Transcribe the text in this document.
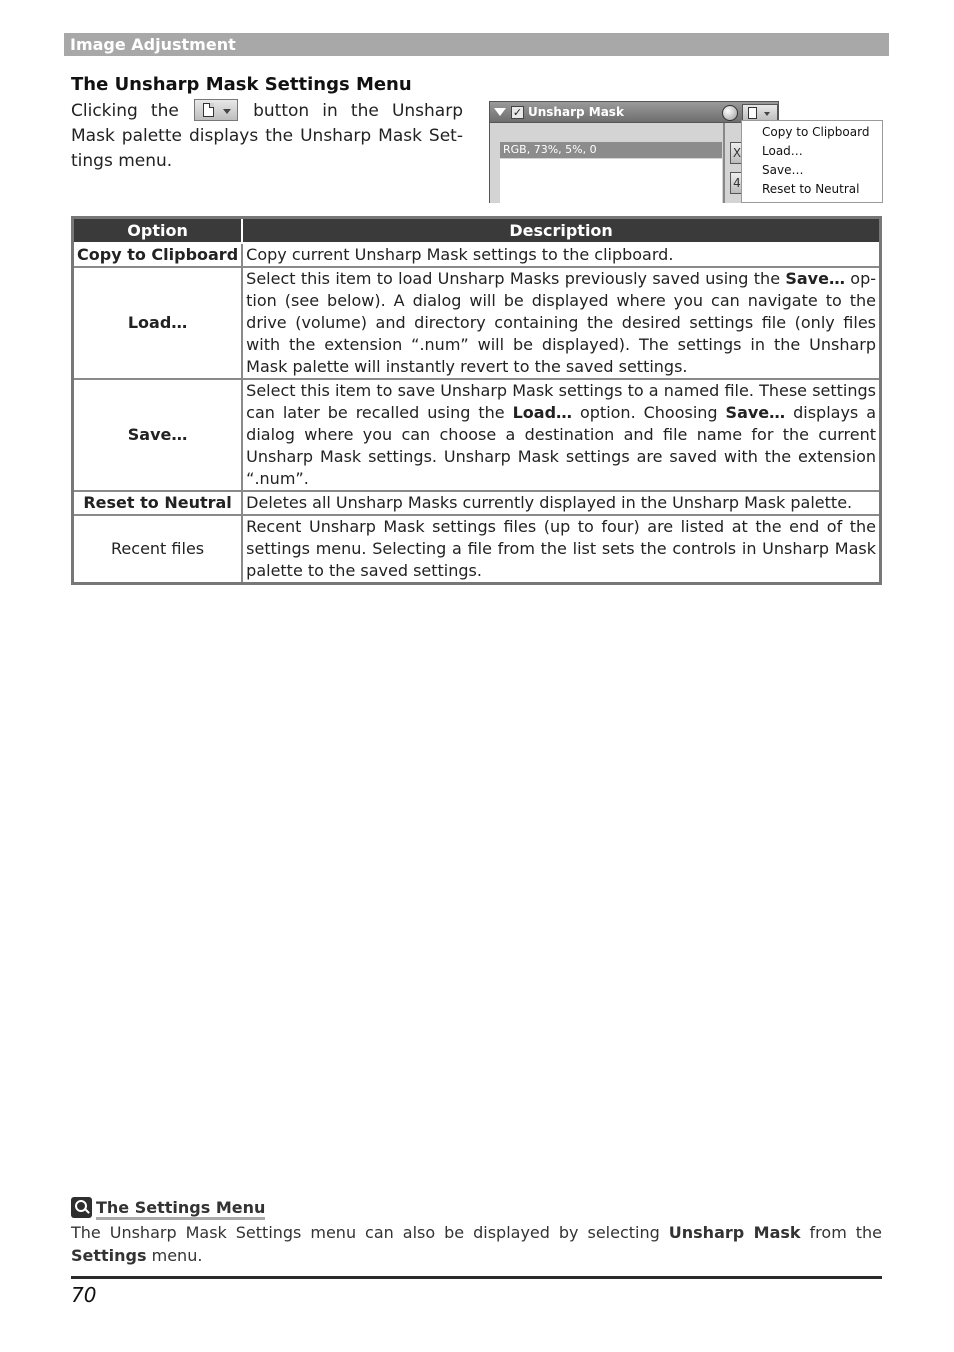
Image Adjustment
The Unsharp Mask Settings Menu
Clicking the	button in the Unsharp Mask palette displays the Unsharp Mask Set-tings menu.
✓ Unsharp Mask
RGB, 73%, 5%, 0	X
4
Copy to Clipboard
Load…
Save…
Reset to Neutral
Option	Description
Copy to Clipboard	Copy current Unsharp Mask settings to the clipboard.
Load…	Select this item to load Unsharp Masks previously saved using the Save… op-tion (see below). A dialog will be displayed where you can navigate to the drive (volume) and directory containing the desired settings file (only files with the extension “.num” will be displayed). The settings in the Unsharp Mask palette will instantly revert to the saved settings.
Save…	Select this item to save Unsharp Mask settings to a named file. These settings can later be recalled using the Load… option. Choosing Save… displays a dialog where you can choose a destination and file name for the current Unsharp Mask settings. Unsharp Mask settings are saved with the extension “.num”.
Reset to Neutral	Deletes all Unsharp Masks currently displayed in the Unsharp Mask palette.
Recent files	Recent Unsharp Mask settings files (up to four) are listed at the end of the settings menu. Selecting a file from the list sets the controls in Unsharp Mask palette to the saved settings.
The Settings Menu
The Unsharp Mask Settings menu can also be displayed by selecting Unsharp Mask from the Settings menu.
70
